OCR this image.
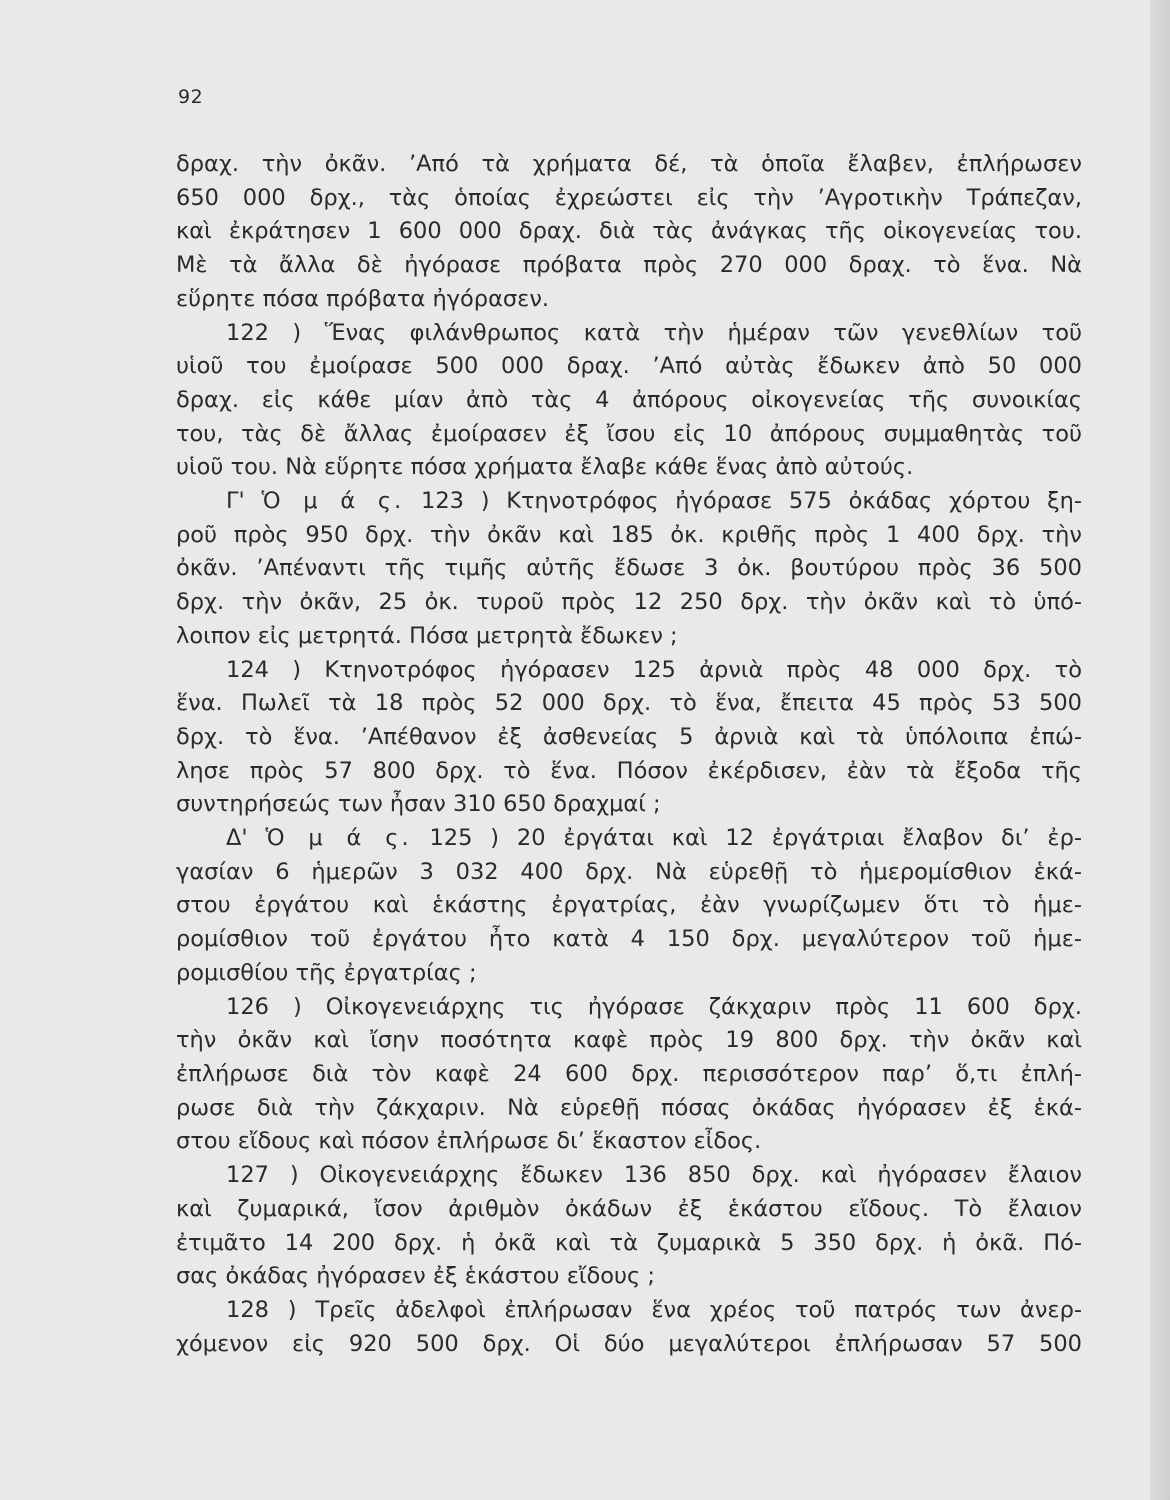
92
δραχ. τὴν ὀκᾶν. ’Από τὰ χρήματα δέ, τὰ ὁποῖα ἔλαβεν, ἐπλήρωσεν
650 000 δρχ., τὰς ὁποίας ἐχρεώστει εἰς τὴν ’Αγροτικὴν Τράπεζαν,
καὶ ἐκράτησεν 1 600 000 δραχ. διὰ τὰς ἀνάγκας τῆς οἰκογενείας του.
Μὲ τὰ ἄλλα δὲ ἠγόρασε πρόβατα πρὸς 270 000 δραχ. τὸ ἕνα. Νὰ
εὕρητε πόσα πρόβατα ἠγόρασεν.
122 ) Ἕνας φιλάνθρωπος κατὰ τὴν ἡμέραν τῶν γενεθλίων τοῦ
υἱοῦ του ἐμοίρασε 500 000 δραχ. ’Από αὐτὰς ἔδωκεν ἀπὸ 50 000
δραχ. εἰς κάθε μίαν ἀπὸ τὰς 4 ἀπόρους οἰκογενείας τῆς συνοικίας
του, τὰς δὲ ἄλλας ἐμοίρασεν ἐξ ἴσου εἰς 10 ἀπόρους συμμαθητὰς τοῦ
υἱοῦ του. Νὰ εὕρητε πόσα χρήματα ἔλαβε κάθε ἕνας ἀπὸ αὐτούς.
Γ' Ὁ μ ά ς. 123 ) Κτηνοτρόφος ἠγόρασε 575 ὀκάδας χόρτου ξη-
ροῦ πρὸς 950 δρχ. τὴν ὀκᾶν καὶ 185 ὀκ. κριθῆς πρὸς 1 400 δρχ. τὴν
ὀκᾶν. ’Απέναντι τῆς τιμῆς αὐτῆς ἔδωσε 3 ὀκ. βουτύρου πρὸς 36 500
δρχ. τὴν ὀκᾶν, 25 ὀκ. τυροῦ πρὸς 12 250 δρχ. τὴν ὀκᾶν καὶ τὸ ὑπό-
λοιπον εἰς μετρητά. Πόσα μετρητὰ ἔδωκεν ;
124 ) Κτηνοτρόφος ἠγόρασεν 125 ἀρνιὰ πρὸς 48 000 δρχ. τὸ
ἕνα. Πωλεῖ τὰ 18 πρὸς 52 000 δρχ. τὸ ἕνα, ἔπειτα 45 πρὸς 53 500
δρχ. τὸ ἕνα. ’Απέθανον ἐξ ἀσθενείας 5 ἀρνιὰ καὶ τὰ ὑπόλοιπα ἐπώ-
λησε πρὸς 57 800 δρχ. τὸ ἕνα. Πόσον ἐκέρδισεν, ἐὰν τὰ ἔξοδα τῆς
συντηρήσεώς των ἦσαν 310 650 δραχμαί ;
Δ' Ὁ μ ά ς. 125 ) 20 ἐργάται καὶ 12 ἐργάτριαι ἔλαβον δι’ ἐρ-
γασίαν 6 ἡμερῶν 3 032 400 δρχ. Νὰ εὑρεθῇ τὸ ἡμερομίσθιον ἑκά-
στου ἐργάτου καὶ ἑκάστης ἐργατρίας, ἐὰν γνωρίζωμεν ὅτι τὸ ἡμε-
ρομίσθιον τοῦ ἐργάτου ἦτο κατὰ 4 150 δρχ. μεγαλύτερον τοῦ ἡμε-
ρομισθίου τῆς ἐργατρίας ;
126 ) Οἰκογενειάρχης τις ἠγόρασε ζάκχαριν πρὸς 11 600 δρχ.
τὴν ὀκᾶν καὶ ἴσην ποσότητα καφὲ πρὸς 19 800 δρχ. τὴν ὀκᾶν καὶ
ἐπλήρωσε διὰ τὸν καφὲ 24 600 δρχ. περισσότερον παρ’ ὅ,τι ἐπλή-
ρωσε διὰ τὴν ζάκχαριν. Νὰ εὑρεθῇ πόσας ὀκάδας ἠγόρασεν ἐξ ἑκά-
στου εἴδους καὶ πόσον ἐπλήρωσε δι’ ἕκαστον εἶδος.
127 ) Οἰκογενειάρχης ἔδωκεν 136 850 δρχ. καὶ ἠγόρασεν ἔλαιον
καὶ ζυμαρικά, ἴσον ἀριθμὸν ὀκάδων ἐξ ἑκάστου εἴδους. Τὸ ἔλαιον
ἐτιμᾶτο 14 200 δρχ. ἡ ὀκᾶ καὶ τὰ ζυμαρικὰ 5 350 δρχ. ἡ ὀκᾶ. Πό-
σας ὀκάδας ἠγόρασεν ἐξ ἑκάστου εἴδους ;
128 ) Τρεῖς ἀδελφοὶ ἐπλήρωσαν ἕνα χρέος τοῦ πατρός των ἀνερ-
χόμενον εἰς 920 500 δρχ. Οἱ δύο μεγαλύτεροι ἐπλήρωσαν 57 500
